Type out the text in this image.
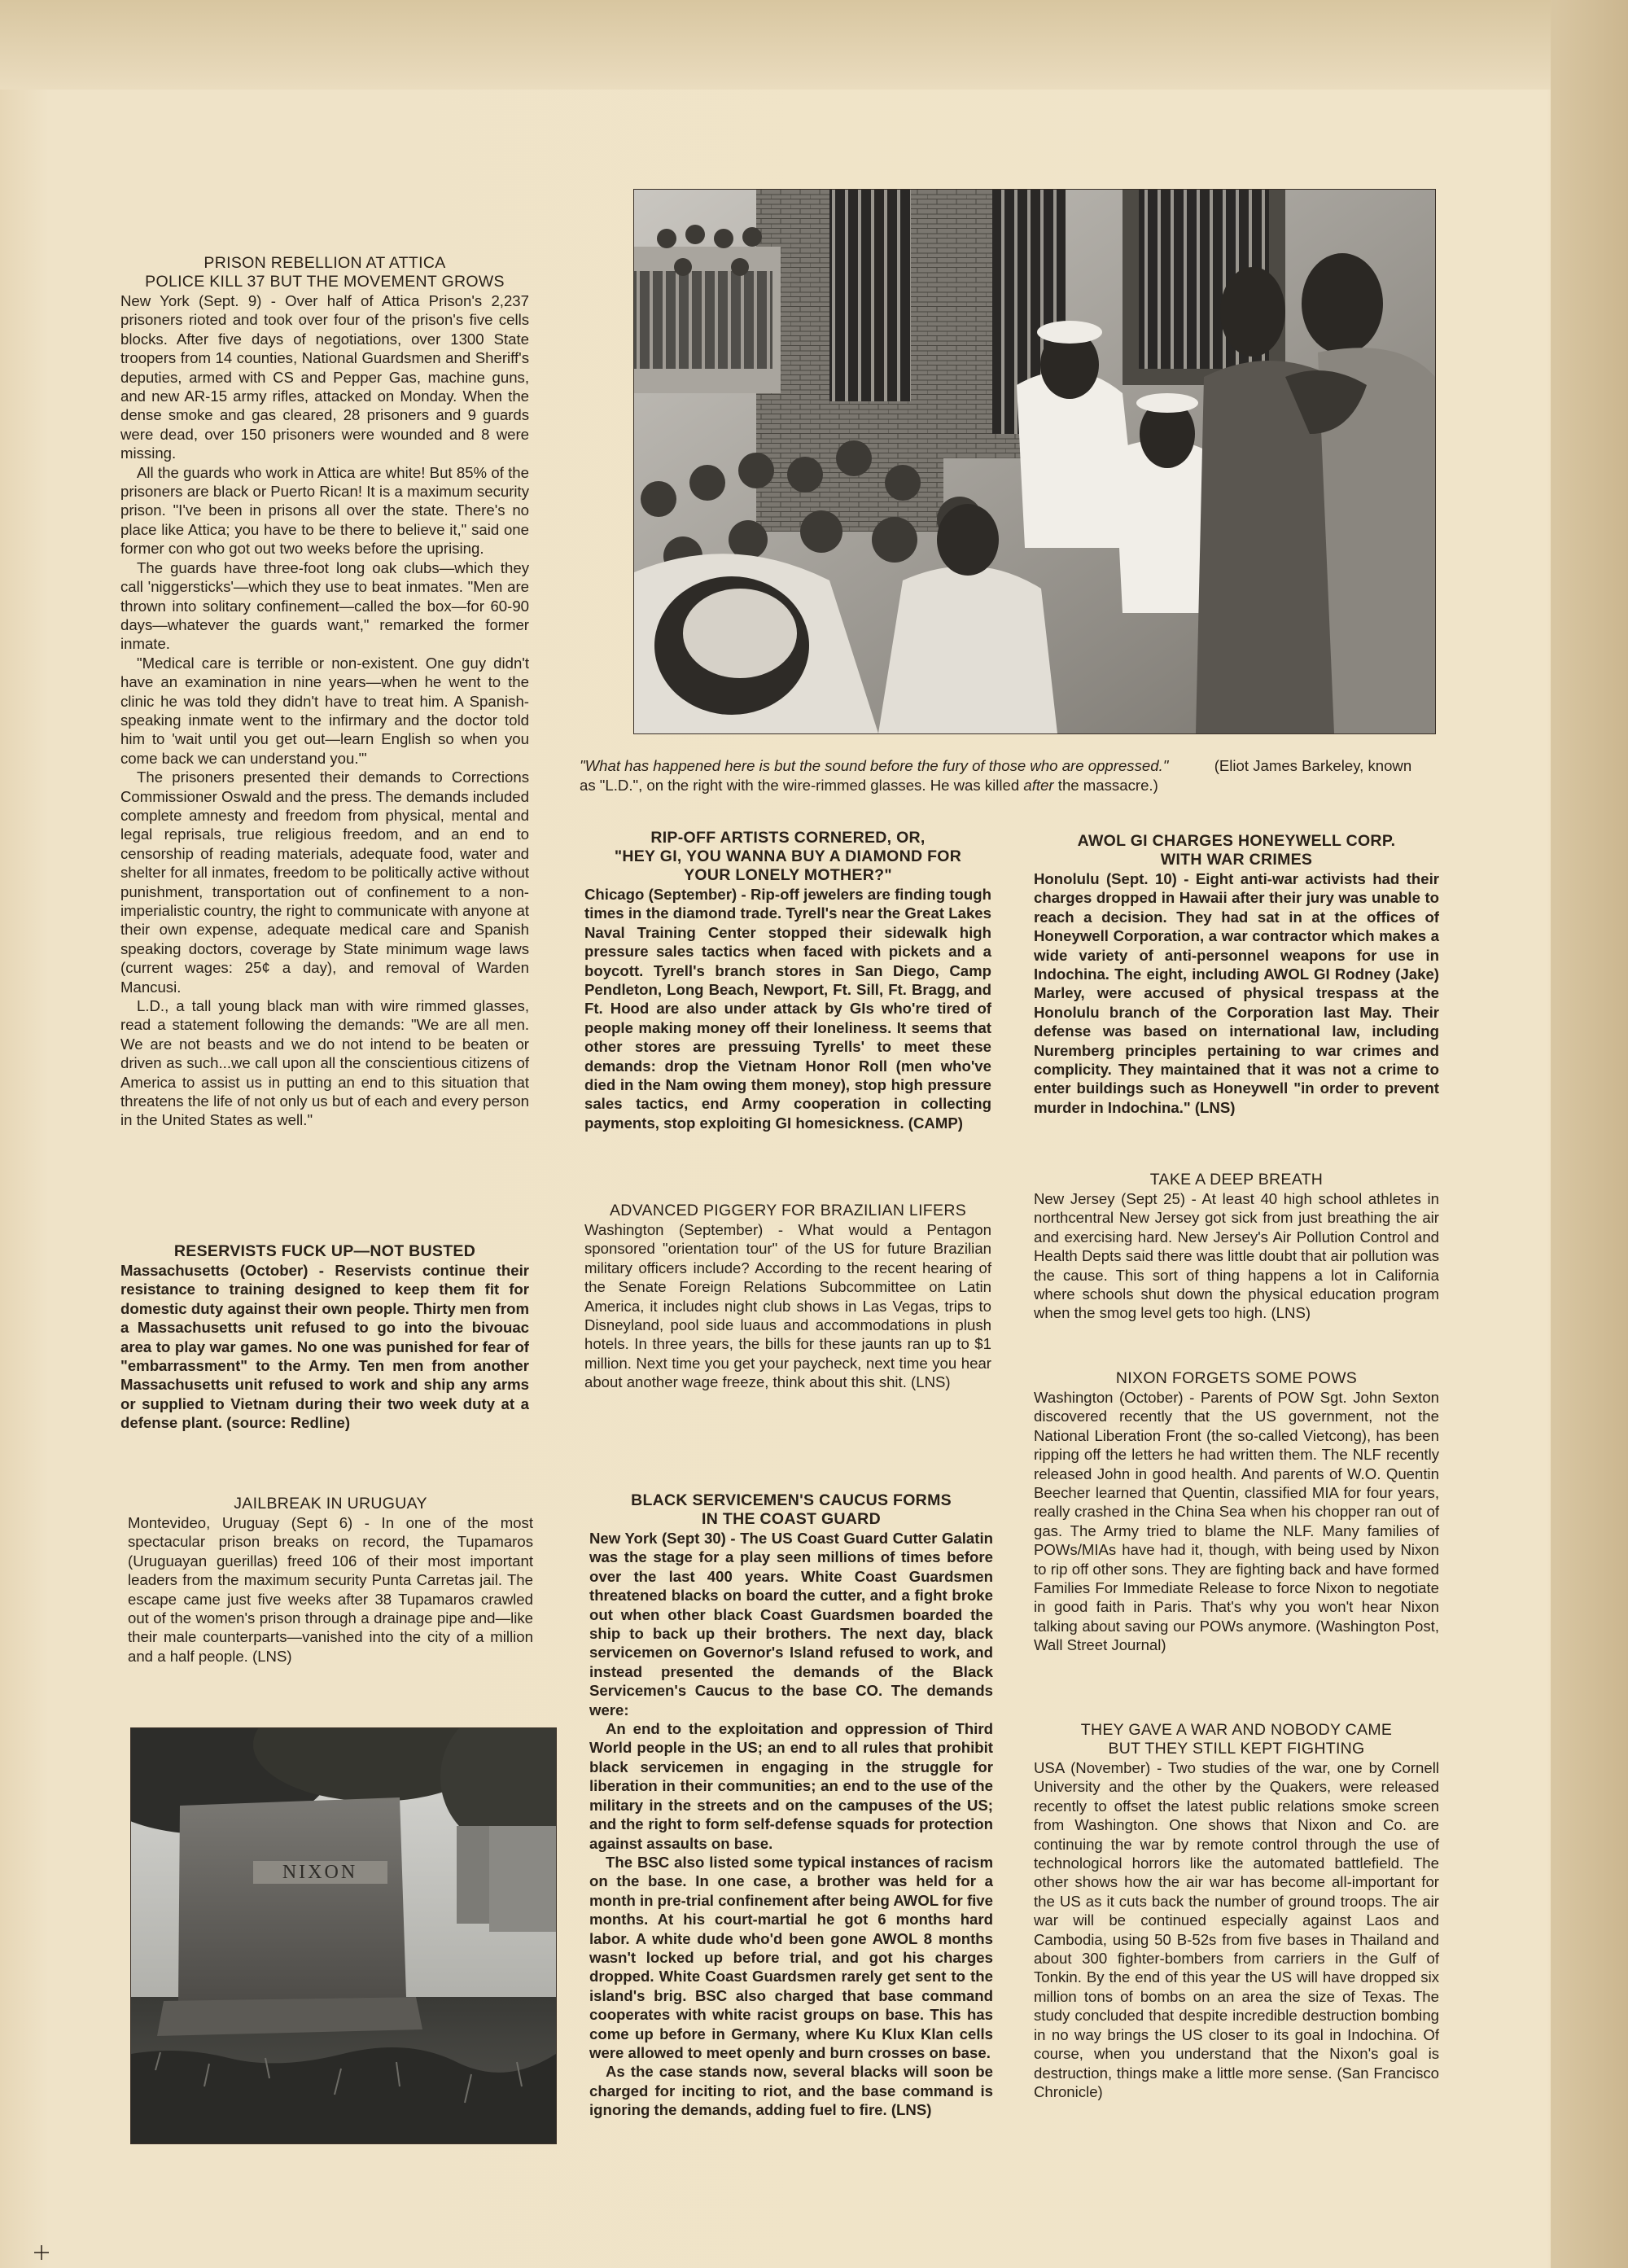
PRISON REBELLION AT ATTICA
POLICE KILL 37 BUT THE MOVEMENT GROWS

New York (Sept. 9) - Over half of Attica Prison's 2,237 prisoners rioted and took over four of the prison's five cells blocks. After five days of negotiations, over 1300 State troopers from 14 counties, National Guardsmen and Sheriff's deputies, armed with CS and Pepper Gas, machine guns, and new AR-15 army rifles, attacked on Monday. When the dense smoke and gas cleared, 28 prisoners and 9 guards were dead, over 150 prisoners were wounded and 8 were missing.

All the guards who work in Attica are white! But 85% of the prisoners are black or Puerto Rican! It is a maximum security prison. "I've been in prisons all over the state. There's no place like Attica; you have to be there to believe it," said one former con who got out two weeks before the uprising.

The guards have three-foot long oak clubs—which they call 'niggersticks'—which they use to beat inmates. "Men are thrown into solitary confinement—called the box—for 60-90 days—whatever the guards want," remarked the former inmate.

"Medical care is terrible or non-existent. One guy didn't have an examination in nine years—when he went to the clinic he was told they didn't have to treat him. A Spanish-speaking inmate went to the infirmary and the doctor told him to 'wait until you get out—learn English so when you come back we can understand you.'"

The prisoners presented their demands to Corrections Commissioner Oswald and the press. The demands included complete amnesty and freedom from physical, mental and legal reprisals, true religious freedom, and an end to censorship of reading materials, adequate food, water and shelter for all inmates, freedom to be politically active without punishment, transportation out of confinement to a non-imperialistic country, the right to communicate with anyone at their own expense, adequate medical care and Spanish speaking doctors, coverage by State minimum wage laws (current wages: 25¢ a day), and removal of Warden Mancusi.

L.D., a tall young black man with wire rimmed glasses, read a statement following the demands: "We are all men. We are not beasts and we do not intend to be beaten or driven as such...we call upon all the conscientious citizens of America to assist us in putting an end to this situation that threatens the life of not only us but of each and every person in the United States as well."

RESERVISTS FUCK UP—NOT BUSTED

Massachusetts (October) - Reservists continue their resistance to training designed to keep them fit for domestic duty against their own people. Thirty men from a Massachusetts unit refused to go into the bivouac area to play war games. No one was punished for fear of "embarrassment" to the Army. Ten men from another Massachusetts unit refused to work and ship any arms or supplied to Vietnam during their two week duty at a defense plant. (source: Redline)

JAILBREAK IN URUGUAY

Montevideo, Uruguay (Sept 6) - In one of the most spectacular prison breaks on record, the Tupamaros (Uruguayan guerillas) freed 106 of their most important leaders from the maximum security Punta Carretas jail. The escape came just five weeks after 38 Tupamaros crawled out of the women's prison through a drainage pipe and—like their male counterparts—vanished into the city of a million and a half people. (LNS)

NIXON
"What has happened here is but the sound before the fury of those who are oppressed."	(Eliot James Barkeley, known as "L.D.", on the right with the wire-rimmed glasses. He was killed after the massacre.)
RIP-OFF ARTISTS CORNERED, OR,
"HEY GI, YOU WANNA BUY A DIAMOND FOR
YOUR LONELY MOTHER?"

Chicago (September) - Rip-off jewelers are finding tough times in the diamond trade. Tyrell's near the Great Lakes Naval Training Center stopped their sidewalk high pressure sales tactics when faced with pickets and a boycott. Tyrell's branch stores in San Diego, Camp Pendleton, Long Beach, Newport, Ft. Sill, Ft. Bragg, and Ft. Hood are also under attack by GIs who're tired of people making money off their loneliness. It seems that other stores are pressuing Tyrells' to meet these demands: drop the Vietnam Honor Roll (men who've died in the Nam owing them money), stop high pressure sales tactics, end Army cooperation in collecting payments, stop exploiting GI homesickness. (CAMP)

AWOL GI CHARGES HONEYWELL CORP.
WITH WAR CRIMES

Honolulu (Sept. 10) - Eight anti-war activists had their charges dropped in Hawaii after their jury was unable to reach a decision. They had sat in at the offices of Honeywell Corporation, a war contractor which makes a wide variety of anti-personnel weapons for use in Indochina. The eight, including AWOL GI Rodney (Jake) Marley, were accused of physical trespass at the Honolulu branch of the Corporation last May. Their defense was based on international law, including Nuremberg principles pertaining to war crimes and complicity. They maintained that it was not a crime to enter buildings such as Honeywell "in order to prevent murder in Indochina." (LNS)

ADVANCED PIGGERY FOR BRAZILIAN LIFERS

Washington (September) - What would a Pentagon sponsored "orientation tour" of the US for future Brazilian military officers include? According to the recent hearing of the Senate Foreign Relations Subcommittee on Latin America, it includes night club shows in Las Vegas, trips to Disneyland, pool side luaus and accommodations in plush hotels. In three years, the bills for these jaunts ran up to $1 million. Next time you get your paycheck, next time you hear about another wage freeze, think about this shit. (LNS)

TAKE A DEEP BREATH

New Jersey (Sept 25) - At least 40 high school athletes in northcentral New Jersey got sick from just breathing the air and exercising hard. New Jersey's Air Pollution Control and Health Depts said there was little doubt that air pollution was the cause. This sort of thing happens a lot in California where schools shut down the physical education program when the smog level gets too high. (LNS)

NIXON FORGETS SOME POWS

Washington (October) - Parents of POW Sgt. John Sexton discovered recently that the US government, not the National Liberation Front (the so-called Vietcong), has been ripping off the letters he had written them. The NLF recently released John in good health. And parents of W.O. Quentin Beecher learned that Quentin, classified MIA for four years, really crashed in the China Sea when his chopper ran out of gas. The Army tried to blame the NLF. Many families of POWs/MIAs have had it, though, with being used by Nixon to rip off other sons. They are fighting back and have formed Families For Immediate Release to force Nixon to negotiate in good faith in Paris. That's why you won't hear Nixon talking about saving our POWs anymore. (Washington Post, Wall Street Journal)

BLACK SERVICEMEN'S CAUCUS FORMS
IN THE COAST GUARD

New York (Sept 30) - The US Coast Guard Cutter Galatin was the stage for a play seen millions of times before over the last 400 years. White Coast Guardsmen threatened blacks on board the cutter, and a fight broke out when other black Coast Guardsmen boarded the ship to back up their brothers. The next day, black servicemen on Governor's Island refused to work, and instead presented the demands of the Black Servicemen's Caucus to the base CO. The demands were:

An end to the exploitation and oppression of Third World people in the US; an end to all rules that prohibit black servicemen in engaging in the struggle for liberation in their communities; an end to the use of the military in the streets and on the campuses of the US; and the right to form self-defense squads for protection against assaults on base.

The BSC also listed some typical instances of racism on the base. In one case, a brother was held for a month in pre-trial confinement after being AWOL for five months. At his court-martial he got 6 months hard labor. A white dude who'd been gone AWOL 8 months wasn't locked up before trial, and got his charges dropped. White Coast Guardsmen rarely get sent to the island's brig. BSC also charged that base command cooperates with white racist groups on base. This has come up before in Germany, where Ku Klux Klan cells were allowed to meet openly and burn crosses on base.

As the case stands now, several blacks will soon be charged for inciting to riot, and the base command is ignoring the demands, adding fuel to fire. (LNS)

THEY GAVE A WAR AND NOBODY CAME
BUT THEY STILL KEPT FIGHTING

USA (November) - Two studies of the war, one by Cornell University and the other by the Quakers, were released recently to offset the latest public relations smoke screen from Washington. One shows that Nixon and Co. are continuing the war by remote control through the use of technological horrors like the automated battlefield. The other shows how the air war has become all-important for the US as it cuts back the number of ground troops. The air war will be continued especially against Laos and Cambodia, using 50 B-52s from five bases in Thailand and about 300 fighter-bombers from carriers in the Gulf of Tonkin. By the end of this year the US will have dropped six million tons of bombs on an area the size of Texas. The study concluded that despite incredible destruction bombing in no way brings the US closer to its goal in Indochina. Of course, when you understand that the Nixon's goal is destruction, things make a little more sense. (San Francisco Chronicle)
